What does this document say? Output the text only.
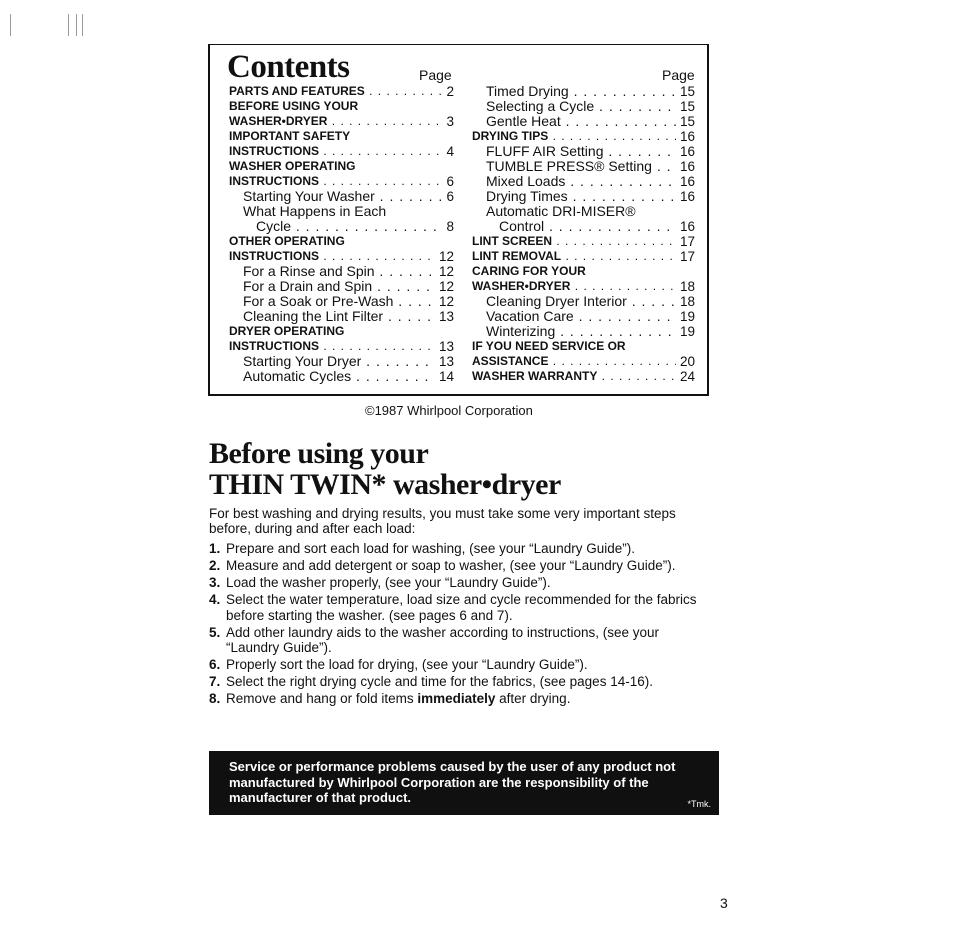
Contents	Page	Page
PARTS AND FEATURES . . .	2
BEFORE USING YOUR
WASHER•DRYER . . .	3
IMPORTANT SAFETY
INSTRUCTIONS . . .	4
WASHER OPERATING
INSTRUCTIONS . . .	6
Starting Your Washer . . .	6
What Happens in Each
Cycle . . .	8
OTHER OPERATING
INSTRUCTIONS . . .	12
For a Rinse and Spin . . .	12
For a Drain and Spin . . .	12
For a Soak or Pre-Wash . . .	12
Cleaning the Lint Filter . . .	13
DRYER OPERATING
INSTRUCTIONS . . .	13
Starting Your Dryer . . .	13
Automatic Cycles . . .	14
Timed Drying . . .	15
Selecting a Cycle . . .	15
Gentle Heat . . .	15
DRYING TIPS . . .	16
FLUFF AIR Setting . . .	16
TUMBLE PRESS® Setting . . .	16
Mixed Loads . . .	16
Drying Times . . .	16
Automatic DRI-MISER®
Control . . .	16
LINT SCREEN . . .	17
LINT REMOVAL . . .	17
CARING FOR YOUR
WASHER•DRYER . . .	18
Cleaning Dryer Interior . . .	18
Vacation Care . . .	19
Winterizing . . .	19
IF YOU NEED SERVICE OR
ASSISTANCE . . .	20
WASHER WARRANTY . . .	24
©1987 Whirlpool Corporation
Before using your
THIN TWIN* washer•dryer
For best washing and drying results, you must take some very important steps before, during and after each load:
1. Prepare and sort each load for washing, (see your “Laundry Guide”).
2. Measure and add detergent or soap to washer, (see your “Laundry Guide”).
3. Load the washer properly, (see your “Laundry Guide”).
4. Select the water temperature, load size and cycle recommended for the fabrics before starting the washer. (see pages 6 and 7).
5. Add other laundry aids to the washer according to instructions, (see your “Laundry Guide”).
6. Properly sort the load for drying, (see your “Laundry Guide”).
7. Select the right drying cycle and time for the fabrics, (see pages 14-16).
8. Remove and hang or fold items immediately after drying.
Service or performance problems caused by the user of any product not manufactured by Whirlpool Corporation are the responsibility of the manufacturer of that product.	*Tmk.
3
